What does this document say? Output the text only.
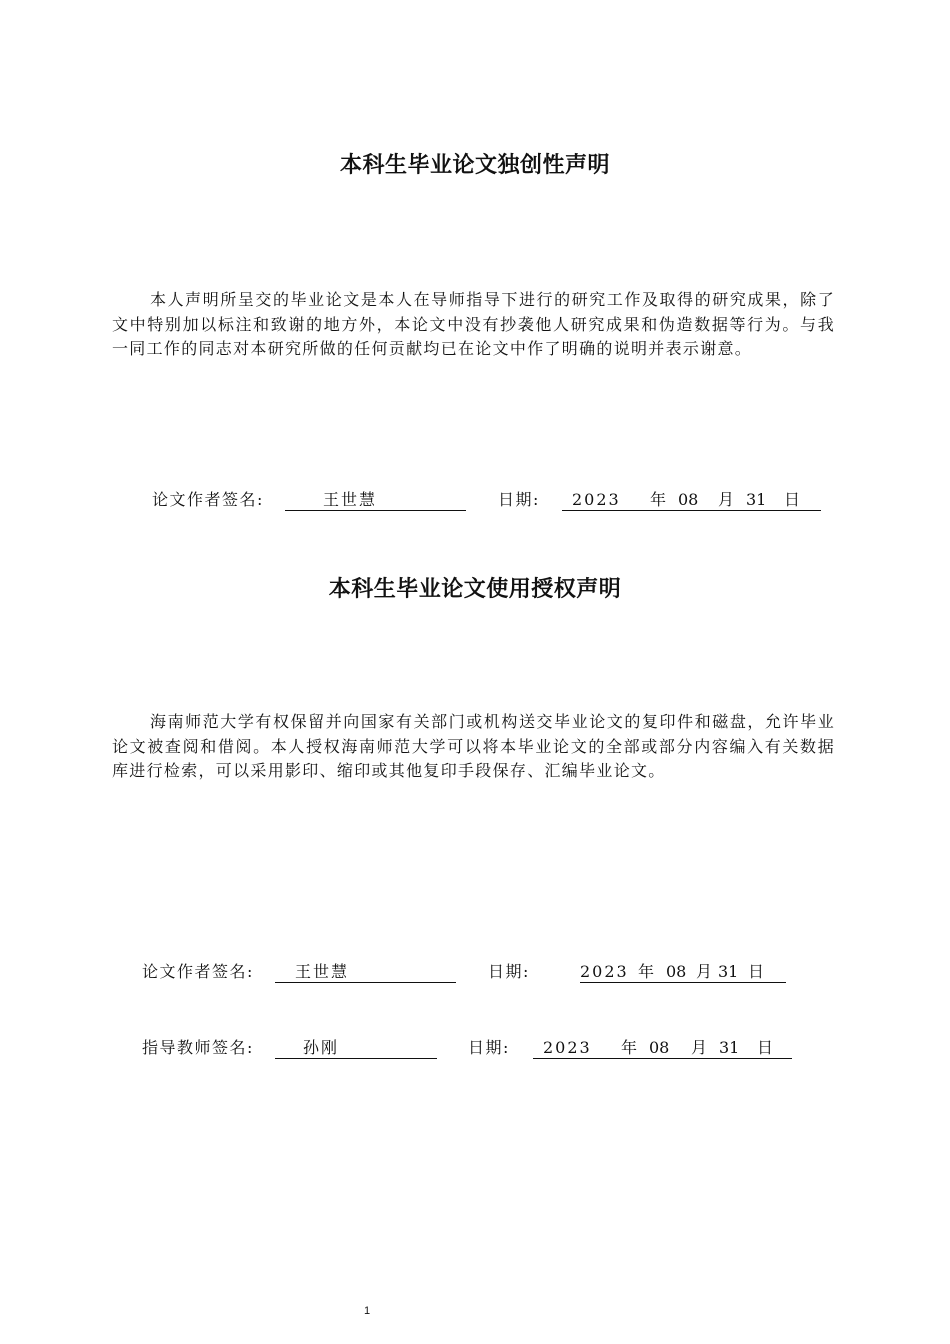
本科生毕业论文独创性声明

本人声明所呈交的毕业论文是本人在导师指导下进行的研究工作及取得的研究成果，除了文中特别加以标注和致谢的地方外，本论文中没有抄袭他人研究成果和伪造数据等行为。与我一同工作的同志对本研究所做的任何贡献均已在论文中作了明确的说明并表示谢意。

论文作者签名:	王世慧	日期: 2023 年 08 月 31 日
本科生毕业论文使用授权声明

海南师范大学有权保留并向国家有关部门或机构送交毕业论文的复印件和磁盘，允许毕业论文被查阅和借阅。本人授权海南师范大学可以将本毕业论文的全部或部分内容编入有关数据库进行检索，可以采用影印、缩印或其他复印手段保存、汇编毕业论文。

论文作者签名:	王世慧	日期:	2023 年 08 月 31 日
指导教师签名:	孙刚	日期: 2023 年 08 月 31 日
1
